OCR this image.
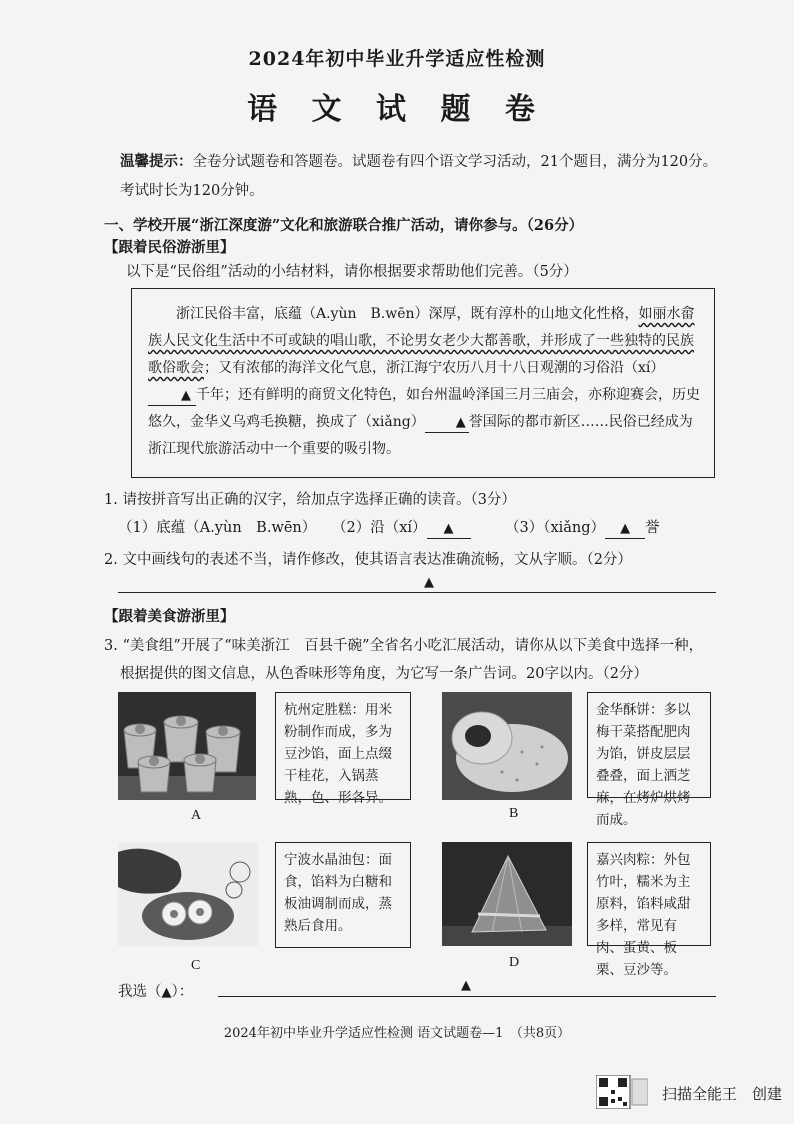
2024年初中毕业升学适应性检测
语 文 试 题 卷
温馨提示：全卷分试题卷和答题卷。试题卷有四个语文学习活动，21个题目，满分为120分。
考试时长为120分钟。
一、学校开展“浙江深度游”文化和旅游联合推广活动，请你参与。（26分）
【跟着民俗游浙里】
以下是“民俗组”活动的小结材料，请你根据要求帮助他们完善。（5分）

浙江民俗丰富，底蕴（A.yùn　B.wēn）深厚，既有淳朴的山地文化性格，如丽水畲族人民文化生活中不可或缺的唱山歌，不论男女老少大都善歌，并形成了一些独特的民族歌俗歌会；又有浓郁的海洋文化气息，浙江海宁农历八月十八日观潮的习俗沿（xí）▲ 千年；还有鲜明的商贸文化特色，如台州温岭泽国三月三庙会，亦称迎赛会，历史悠久，金华义乌鸡毛换糖，换成了（xiǎng） ▲ 誉国际的都市新区……民俗已经成为浙江现代旅游活动中一个重要的吸引物。

1. 请按拼音写出正确的汉字，给加点字选择正确的读音。（3分）
（1）底蕴（A.yùn　B.wēn） （2）沿（xí） ▲	（3）（xiǎng） ▲ 誉
2. 文中画线句的表述不当，请作修改，使其语言表达准确流畅，文从字顺。（2分）
▲
【跟着美食游浙里】
3. “美食组”开展了“味美浙江　百县千碗”全省名小吃汇展活动，请你从以下美食中选择一种，
根据提供的图文信息，从色香味形等角度，为它写一条广告词。20字以内。（2分）
杭州定胜糕：用米粉制作而成，多为豆沙馅，面上点缀干桂花，入锅蒸熟，色、形各异。
A
金华酥饼：多以梅干菜搭配肥肉为馅，饼皮层层叠叠，面上洒芝麻，在烤炉烘烤而成。
B
宁波水晶油包：面食，馅料为白糖和板油调制而成，蒸熟后食用。
C
嘉兴肉粽：外包竹叶，糯米为主原料，馅料咸甜多样，常见有肉、蛋黄、板栗、豆沙等。
D
我选（▲）：	▲
2024年初中毕业升学适应性检测 语文试题卷—1　（共8页）
扫描全能王　创建
